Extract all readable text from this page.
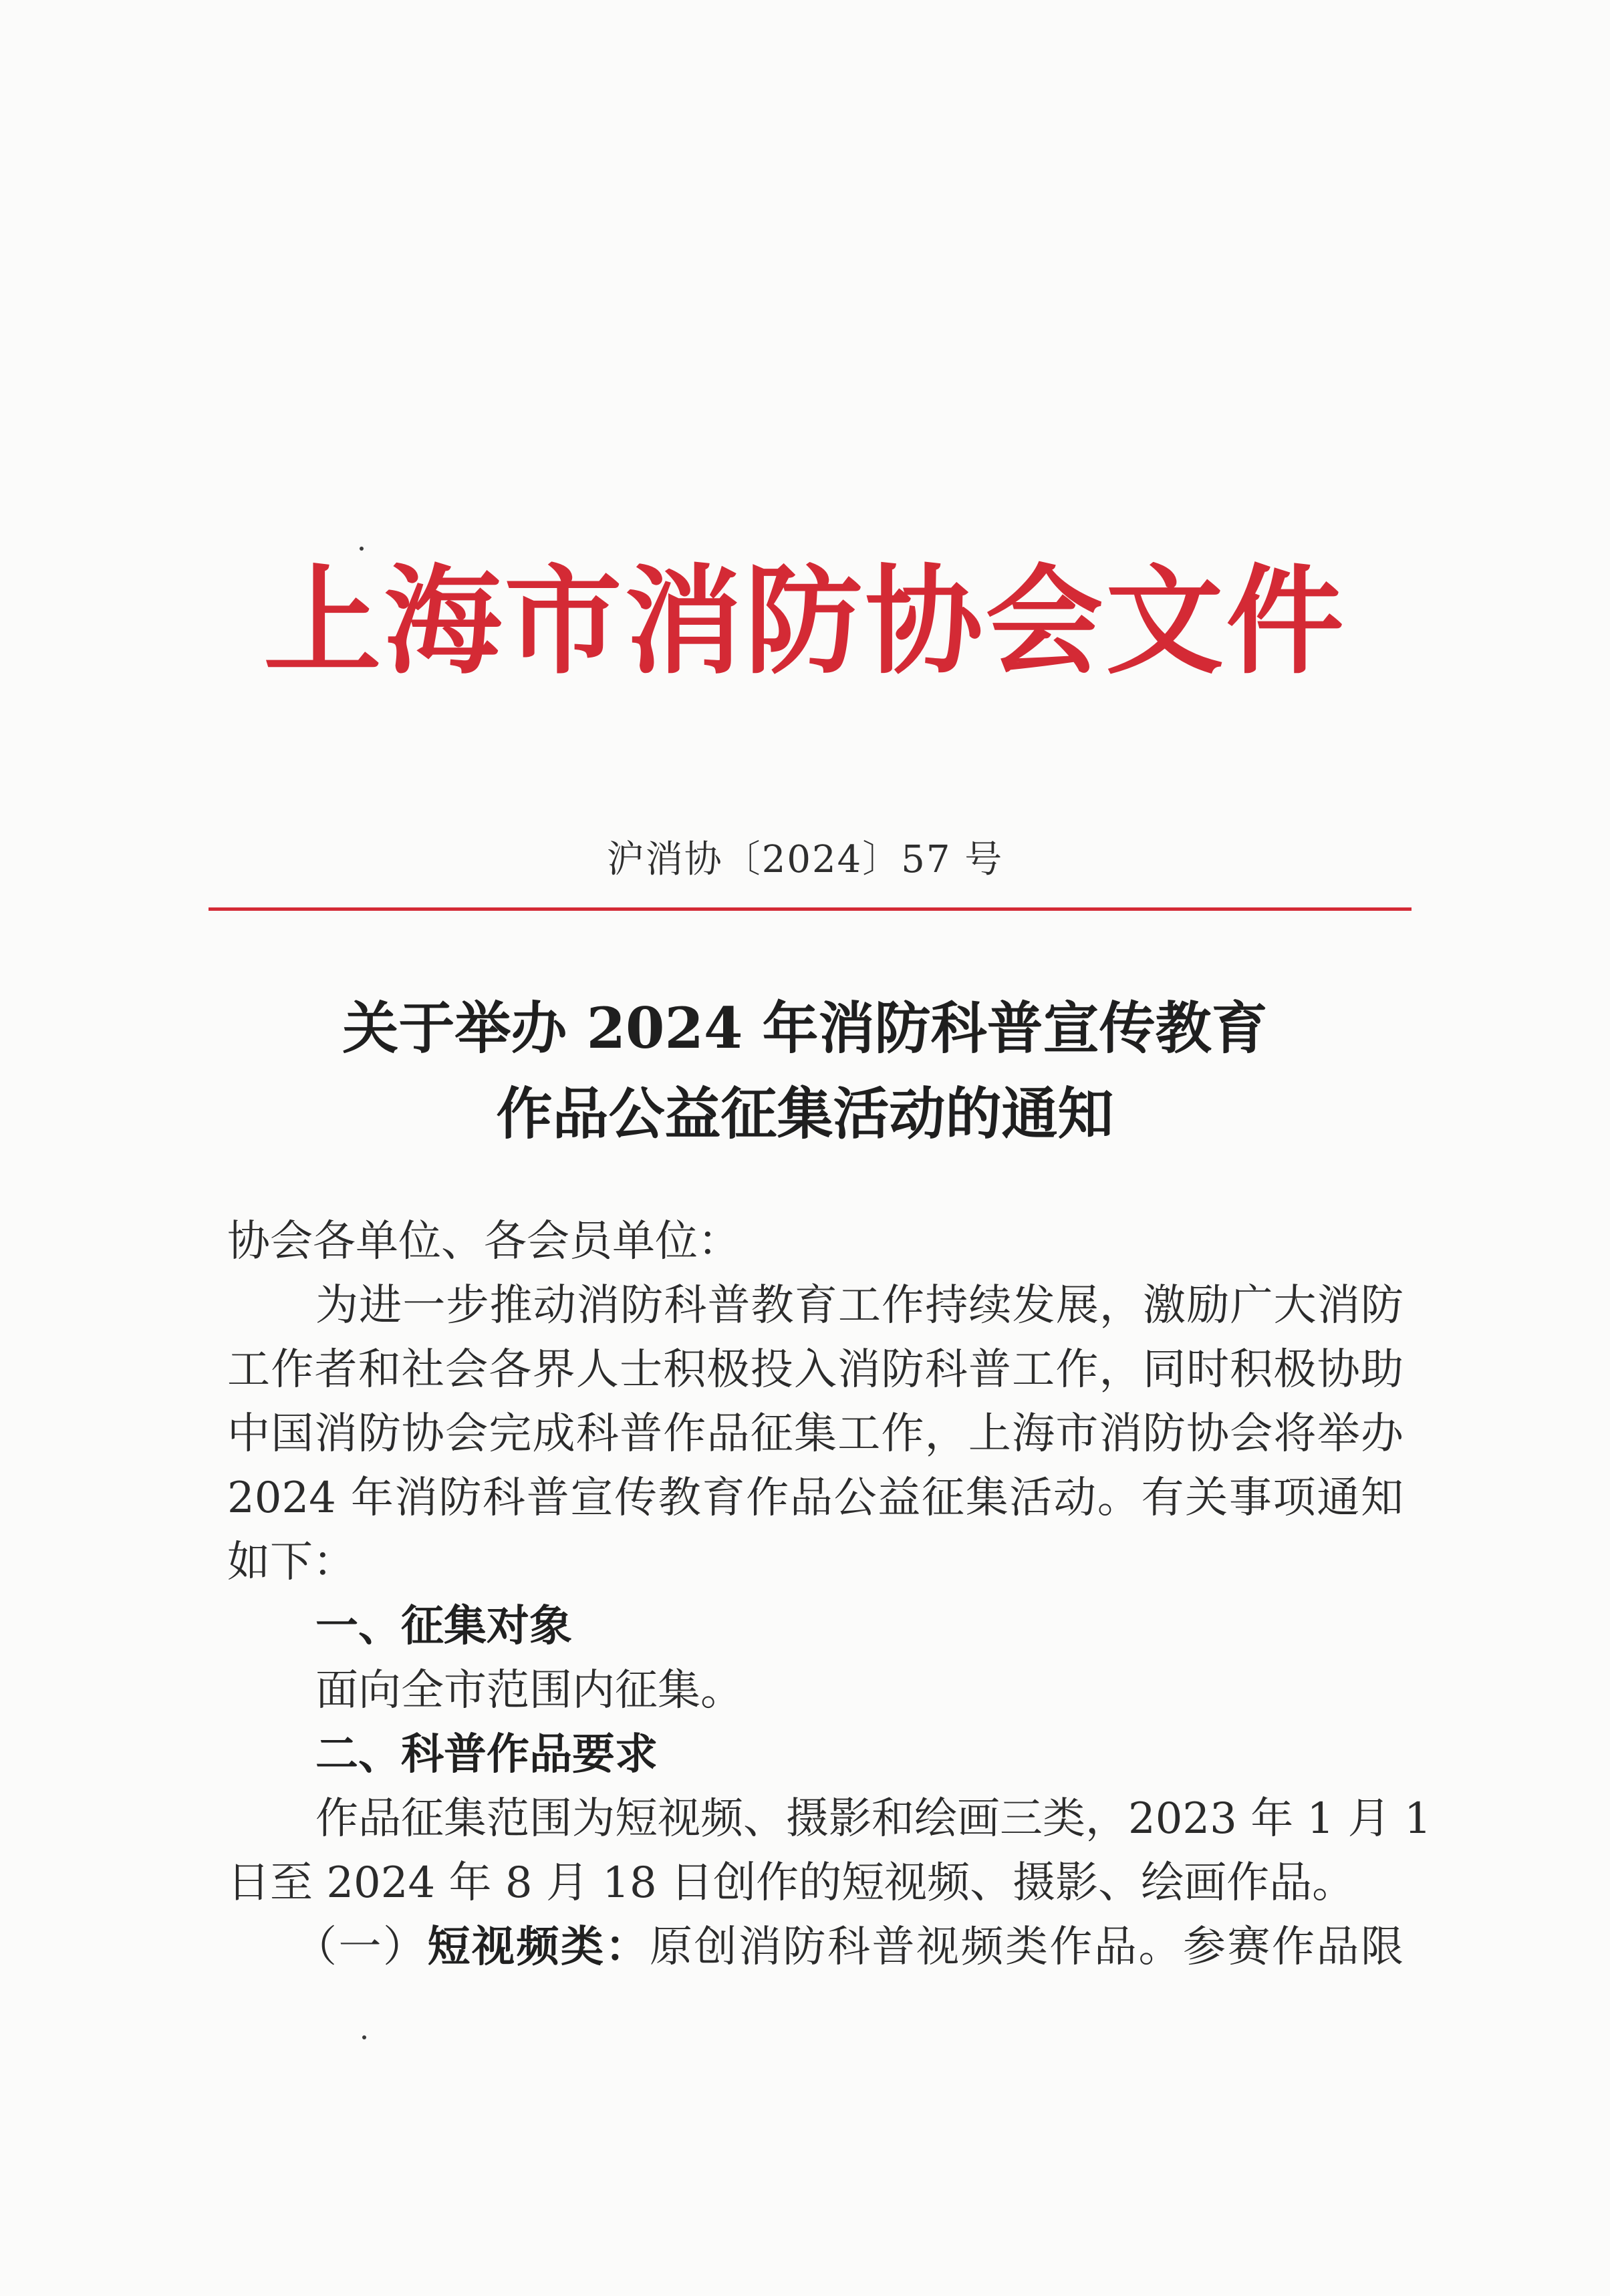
上海市消防协会文件
沪消协〔2024〕57 号
关于举办 2024 年消防科普宣传教育
作品公益征集活动的通知
协会各单位、各会员单位：
为进一步推动消防科普教育工作持续发展，激励广大消防
工作者和社会各界人士积极投入消防科普工作，同时积极协助
中国消防协会完成科普作品征集工作，上海市消防协会将举办
2024 年消防科普宣传教育作品公益征集活动。有关事项通知
如下：
一、征集对象
面向全市范围内征集。
二、科普作品要求
作品征集范围为短视频、摄影和绘画三类，2023 年 1 月 1
日至 2024 年 8 月 18 日创作的短视频、摄影、绘画作品。
（一）短视频类：原创消防科普视频类作品。参赛作品限
